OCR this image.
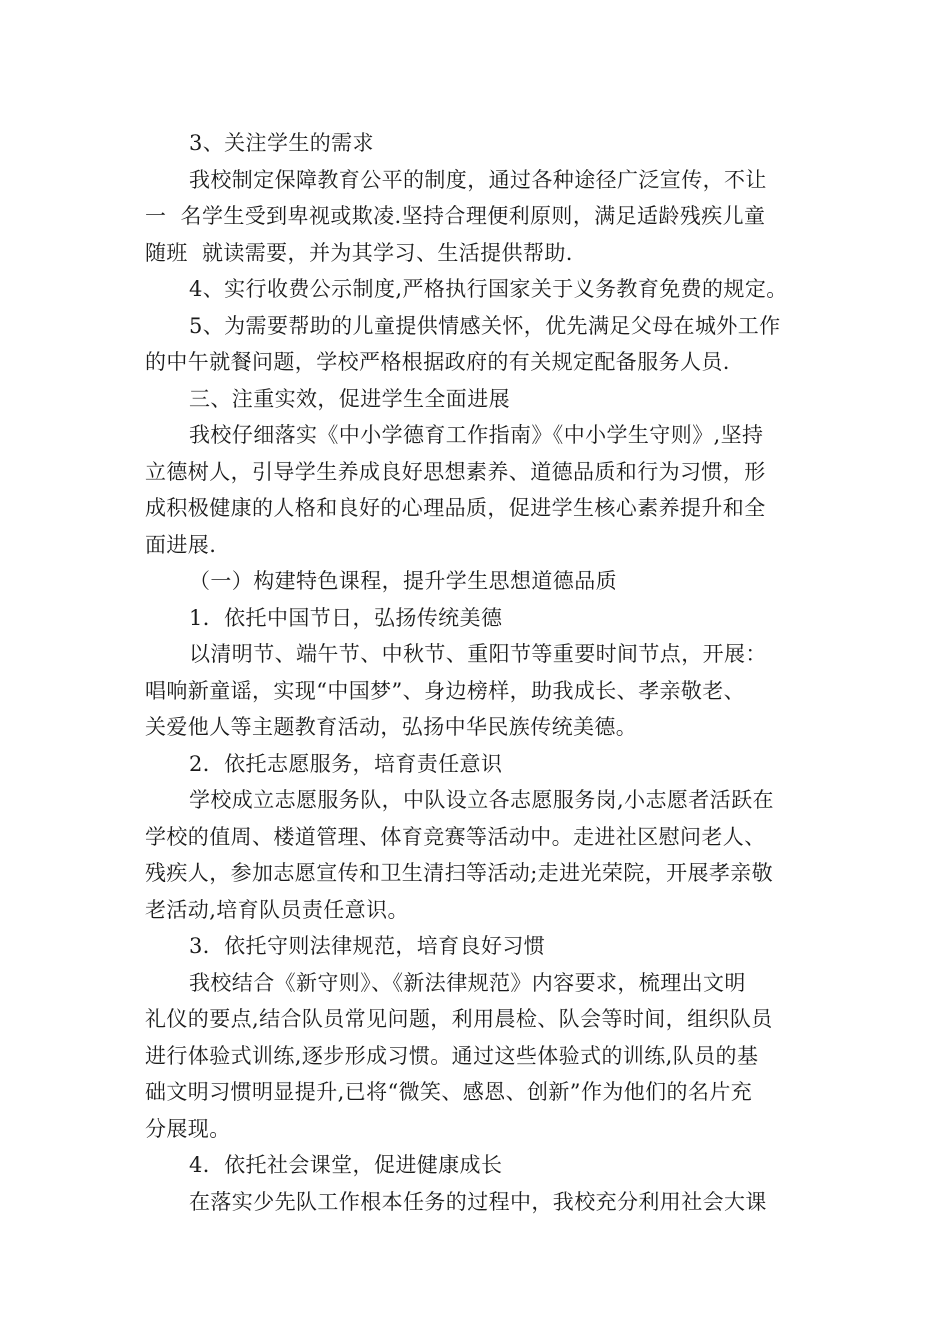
3、关注学生的需求
我校制定保障教育公平的制度，通过各种途径广泛宣传，不让
一  名学生受到卑视或欺凌.坚持合理便利原则，满足适龄残疾儿童
随班  就读需要，并为其学习、生活提供帮助.
4、实行收费公示制度,严格执行国家关于义务教育免费的规定。
5、为需要帮助的儿童提供情感关怀，优先满足父母在城外工作
的中午就餐问题，学校严格根据政府的有关规定配备服务人员.
三、注重实效，促进学生全面进展
我校仔细落实《中小学德育工作指南》《中小学生守则》,坚持
立德树人，引导学生养成良好思想素养、道德品质和行为习惯，形
成积极健康的人格和良好的心理品质，促进学生核心素养提升和全
面进展.
（一）构建特色课程，提升学生思想道德品质
1．依托中国节日，弘扬传统美德
以清明节、端午节、中秋节、重阳节等重要时间节点，开展：
唱响新童谣，实现“中国梦”、身边榜样，助我成长、孝亲敬老、
关爱他人等主题教育活动，弘扬中华民族传统美德。
2．依托志愿服务，培育责任意识
学校成立志愿服务队，中队设立各志愿服务岗,小志愿者活跃在
学校的值周、楼道管理、体育竞赛等活动中。走进社区慰问老人、
残疾人，参加志愿宣传和卫生清扫等活动;走进光荣院，开展孝亲敬
老活动,培育队员责任意识。
3．依托守则法律规范，培育良好习惯
我校结合《新守则》、《新法律规范》内容要求，梳理出文明
礼仪的要点,结合队员常见问题，利用晨检、队会等时间，组织队员
进行体验式训练,逐步形成习惯。通过这些体验式的训练,队员的基
础文明习惯明显提升,已将“微笑、感恩、创新”作为他们的名片充
分展现。
4．依托社会课堂，促进健康成长
在落实少先队工作根本任务的过程中，我校充分利用社会大课
